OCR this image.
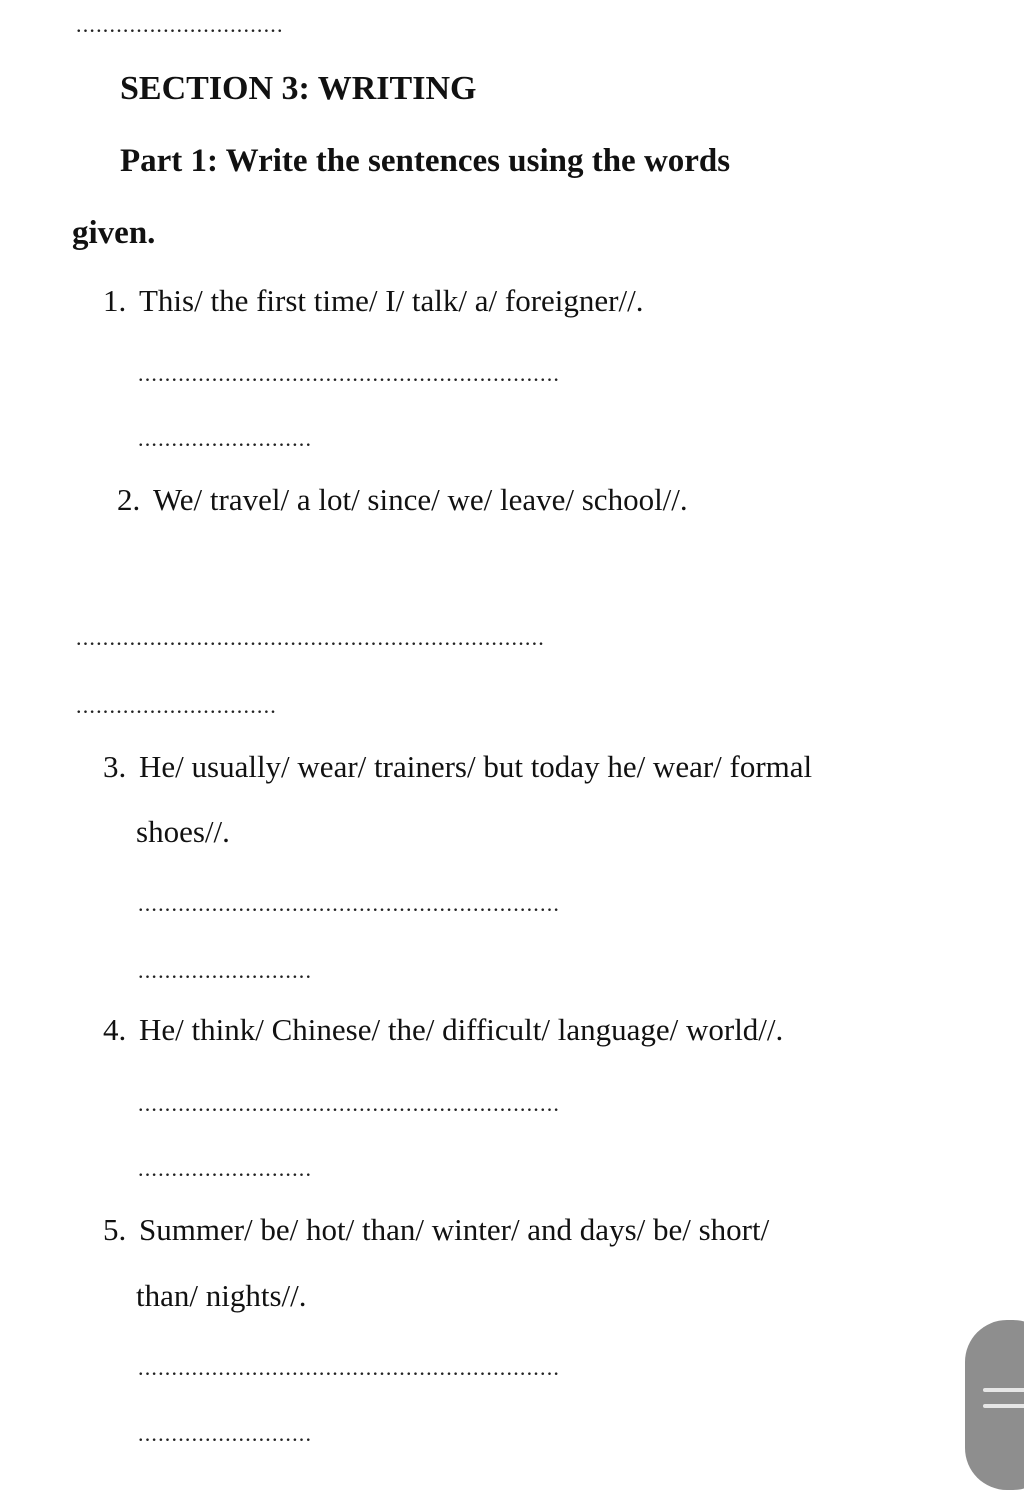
...............................
SECTION 3: WRITING
Part 1: Write the sentences using the words
given.
1. This/ the first time/ I/ talk/ a/ foreigner//.
...............................................................
..........................
2. We/ travel/ a lot/ since/ we/ leave/ school//.
......................................................................
..............................
3. He/ usually/ wear/ trainers/ but today he/ wear/ formal
shoes//.
...............................................................
..........................
4. He/ think/ Chinese/ the/ difficult/ language/ world//.
...............................................................
..........................
5. Summer/ be/ hot/ than/ winter/ and days/ be/ short/
than/ nights//.
...............................................................
..........................
